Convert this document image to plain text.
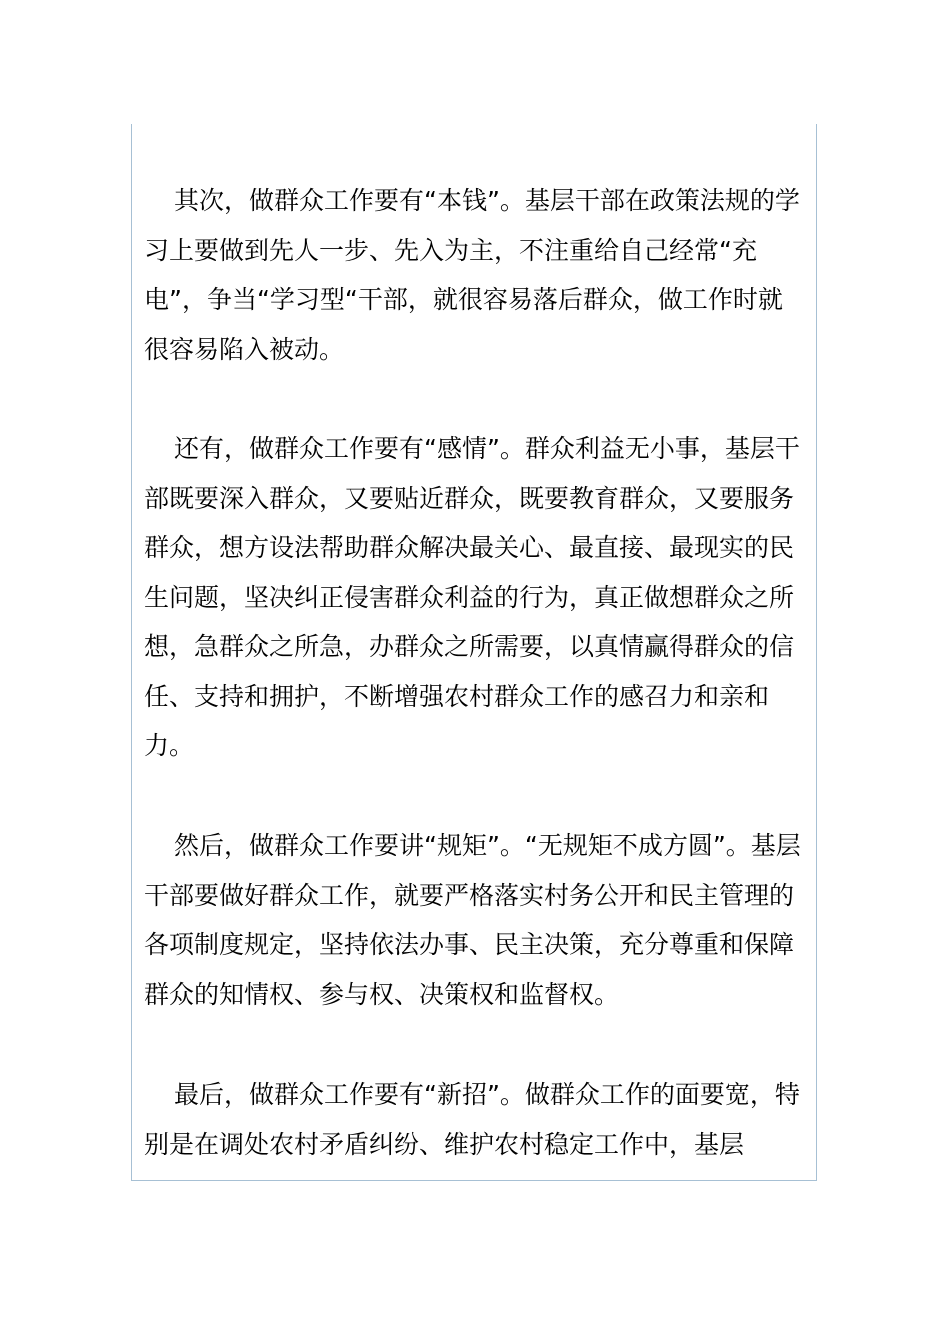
其次，做群众工作要有“本钱”。基层干部在政策法规的学习上要做到先人一步、先入为主，不注重给自己经常“充电”，争当“学习型“干部，就很容易落后群众，做工作时就很容易陷入被动。

还有，做群众工作要有“感情”。群众利益无小事，基层干部既要深入群众，又要贴近群众，既要教育群众，又要服务群众，想方设法帮助群众解决最关心、最直接、最现实的民生问题，坚决纠正侵害群众利益的行为，真正做想群众之所想，急群众之所急，办群众之所需要，以真情赢得群众的信任、支持和拥护，不断增强农村群众工作的感召力和亲和力。

然后，做群众工作要讲“规矩”。“无规矩不成方圆”。基层干部要做好群众工作，就要严格落实村务公开和民主管理的各项制度规定，坚持依法办事、民主决策，充分尊重和保障群众的知情权、参与权、决策权和监督权。

最后，做群众工作要有“新招”。做群众工作的面要宽，特别是在调处农村矛盾纠纷、维护农村稳定工作中，基层
